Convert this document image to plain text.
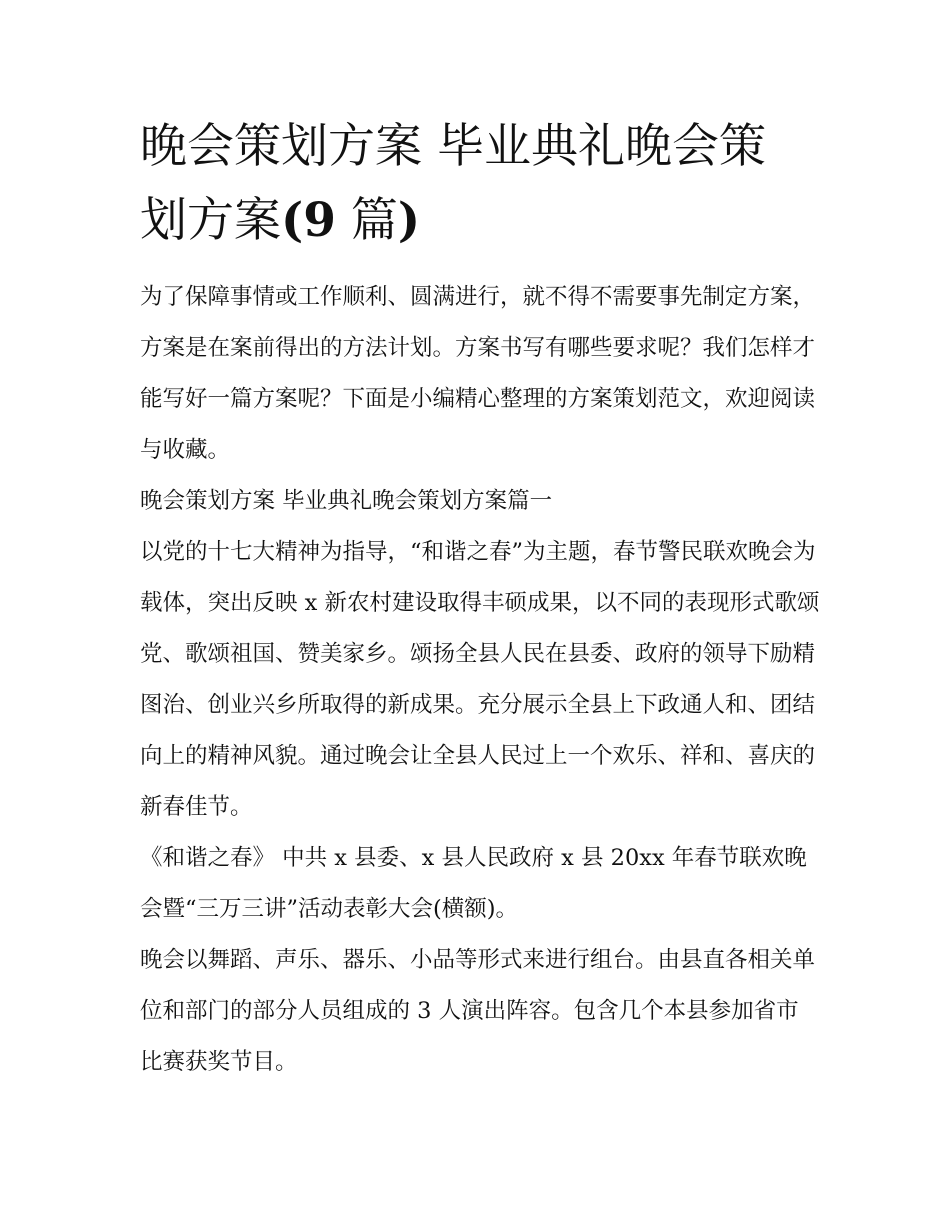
晚会策划方案 毕业典礼晚会策
划方案(9 篇)

为了保障事情或工作顺利、圆满进行，就不得不需要事先制定方案，方案是在案前得出的方法计划。方案书写有哪些要求呢？我们怎样才能写好一篇方案呢？下面是小编精心整理的方案策划范文，欢迎阅读与收藏。

晚会策划方案 毕业典礼晚会策划方案篇一

以党的十七大精神为指导，“和谐之春”为主题，春节警民联欢晚会为载体，突出反映 x 新农村建设取得丰硕成果，以不同的表现形式歌颂党、歌颂祖国、赞美家乡。颂扬全县人民在县委、政府的领导下励精图治、创业兴乡所取得的新成果。充分展示全县上下政通人和、团结向上的精神风貌。通过晚会让全县人民过上一个欢乐、祥和、喜庆的新春佳节。

《和谐之春》 中共 x 县委、x 县人民政府 x 县 20xx 年春节联欢晚会暨“三万三讲”活动表彰大会(横额)。

晚会以舞蹈、声乐、器乐、小品等形式来进行组台。由县直各相关单位和部门的部分人员组成的 3 人演出阵容。包含几个本县参加省市比赛获奖节目。
